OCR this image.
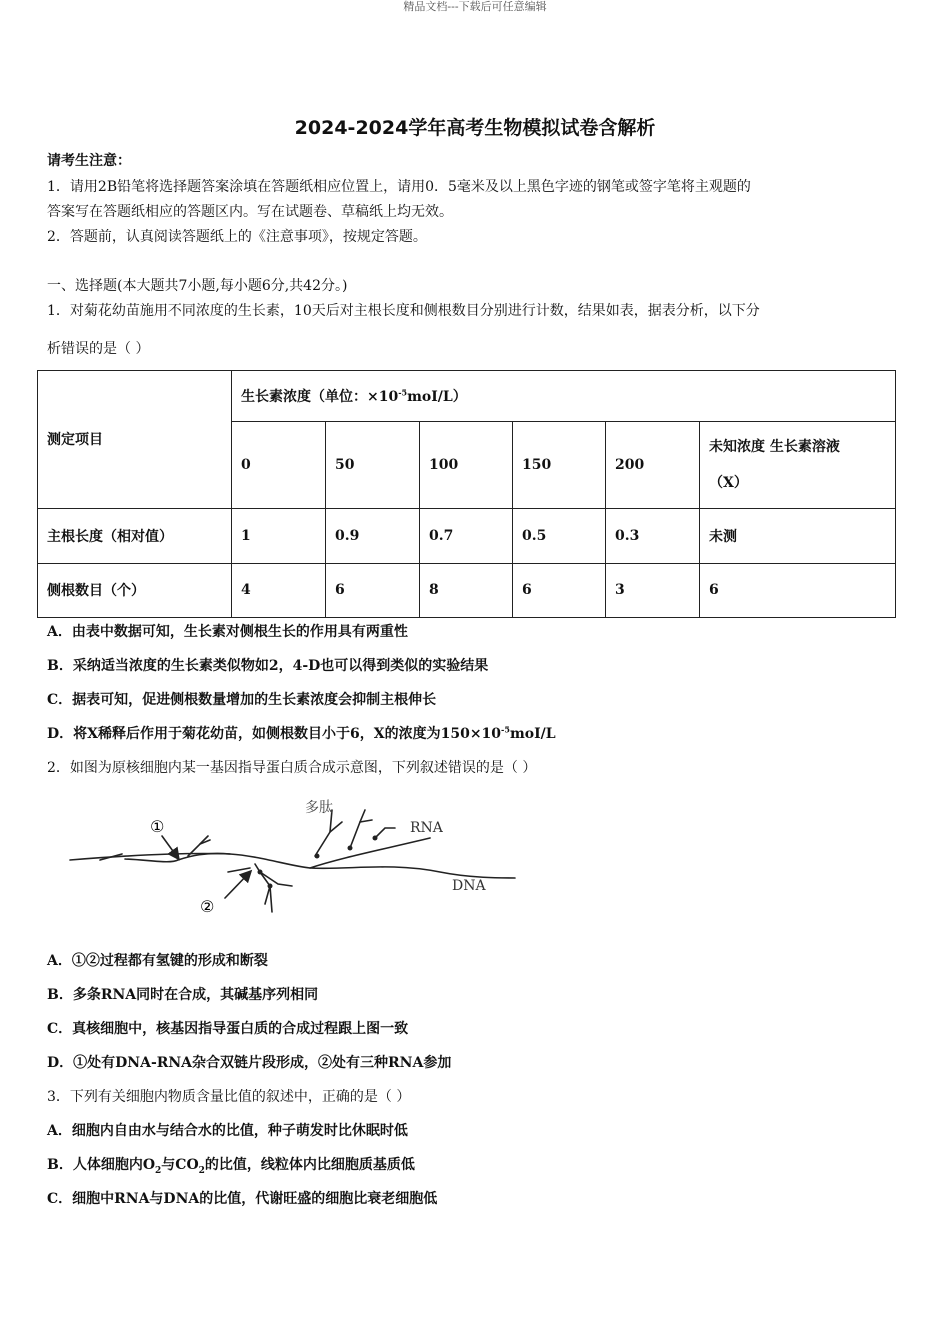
精品文档---下载后可任意编辑
2024-2024学年高考生物模拟试卷含解析
请考生注意：
1．请用2B铅笔将选择题答案涂填在答题纸相应位置上，请用0．5毫米及以上黑色字迹的钢笔或签字笔将主观题的
答案写在答题纸相应的答题区内。写在试题卷、草稿纸上均无效。
2．答题前，认真阅读答题纸上的《注意事项》，按规定答题。
一、选择题(本大题共7小题,每小题6分,共42分。)
1．对菊花幼苗施用不同浓度的生长素，10天后对主根长度和侧根数目分别进行计数，结果如表，据表分析，以下分
析错误的是（ ）
测定项目	生长素浓度（单位：$\times 10^{-5}moI/L$）					
	0	50	100	150	200	未知浓度 生长素溶液
（X）

主根长度（相对值）	1	0.9	0.7	0.5	0.3	未测
侧根数目（个）	4	6	8	6	3	6
A．由表中数据可知，生长素对侧根生长的作用具有两重性
B．采纳适当浓度的生长素类似物如2，4-D也可以得到类似的实验结果
C．据表可知，促进侧根数量增加的生长素浓度会抑制主根伸长
D．将X稀释后作用于菊花幼苗，如侧根数目小于6，X的浓度为$150\times 10^{-5}moI/L$
2．如图为原核细胞内某一基因指导蛋白质合成示意图，下列叙述错误的是（ ）
①
②
多肽
RNA
DNA
A．①②过程都有氢键的形成和断裂
B．多条RNA同时在合成，其碱基序列相同
C．真核细胞中，核基因指导蛋白质的合成过程跟上图一致
D．①处有DNA-RNA杂合双链片段形成，②处有三种RNA参加
3．下列有关细胞内物质含量比值的叙述中，正确的是（ ）
A．细胞内自由水与结合水的比值，种子萌发时比休眠时低
B．人体细胞内$O_2$与$CO_2$的比值，线粒体内比细胞质基质低
C．细胞中RNA与DNA的比值，代谢旺盛的细胞比衰老细胞低
